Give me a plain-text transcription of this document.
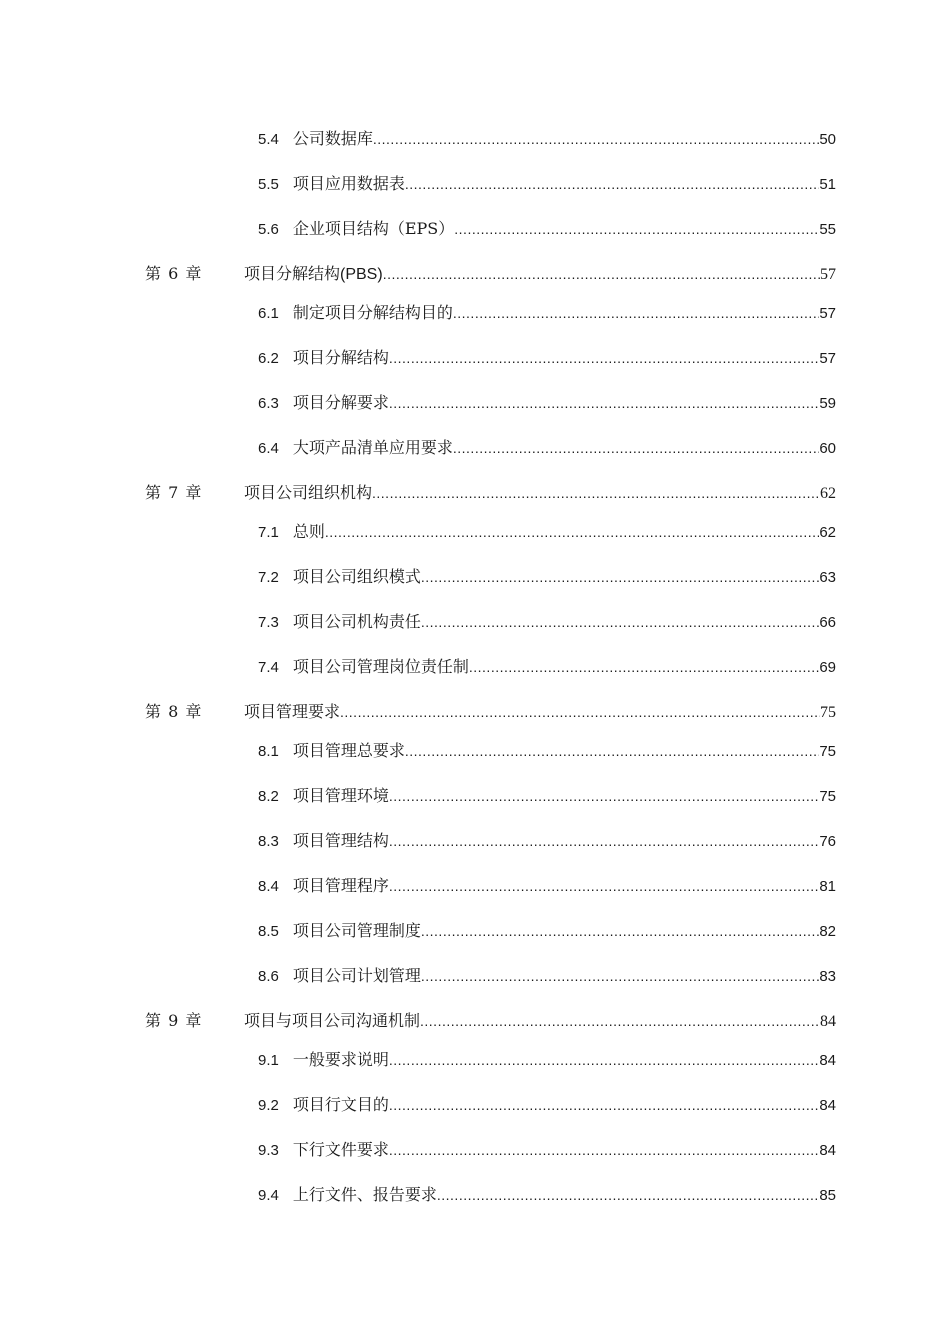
5.4 公司数据库 .....	50
5.5 项目应用数据表 .....	51
5.6 企业项目结构（EPS） .....	55
第 6 章	项目分解结构(PBS) .....	57
6.1 制定项目分解结构目的 .....	57
6.2 项目分解结构 .....	57
6.3 项目分解要求 .....	59
6.4 大项产品清单应用要求 .....	60
第 7 章	项目公司组织机构 .....	62
7.1 总则 .....	62
7.2 项目公司组织模式 .....	63
7.3 项目公司机构责任 .....	66
7.4 项目公司管理岗位责任制 .....	69
第 8 章	项目管理要求 .....	75
8.1 项目管理总要求 .....	75
8.2 项目管理环境 .....	75
8.3 项目管理结构 .....	76
8.4 项目管理程序 .....	81
8.5 项目公司管理制度 .....	82
8.6 项目公司计划管理 .....	83
第 9 章	项目与项目公司沟通机制 .....	84
9.1 一般要求说明 .....	84
9.2 项目行文目的 .....	84
9.3 下行文件要求 .....	84
9.4 上行文件、报告要求 .....	85
